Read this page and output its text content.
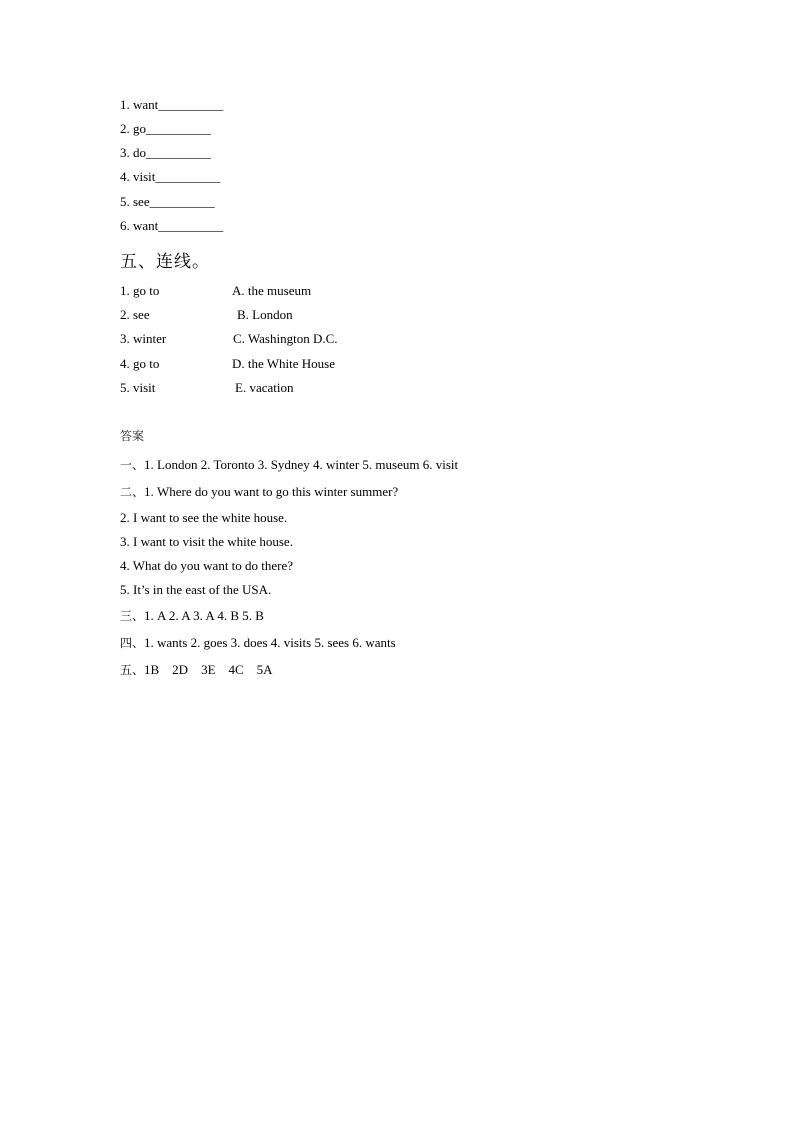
1. want__________
2. go__________
3. do__________
4. visit__________
5. see__________
6. want__________
五、连线。
1. go to
2. see
3. winter
4. go to
5. visit
A. the museum
B. London
C. Washington D.C.
D. the White House
E. vacation
答案
一、1. London 2. Toronto 3. Sydney 4. winter 5. museum 6. visit
二、1. Where do you want to go this winter summer?
2. I want to see the white house.
3. I want to visit the white house.
4. What do you want to do there?
5. It’s in the east of the USA.
三、1. A 2. A 3. A 4. B 5. B
四、1. wants 2. goes 3. does 4. visits 5. sees 6. wants
五、1B    2D    3E    4C    5A
